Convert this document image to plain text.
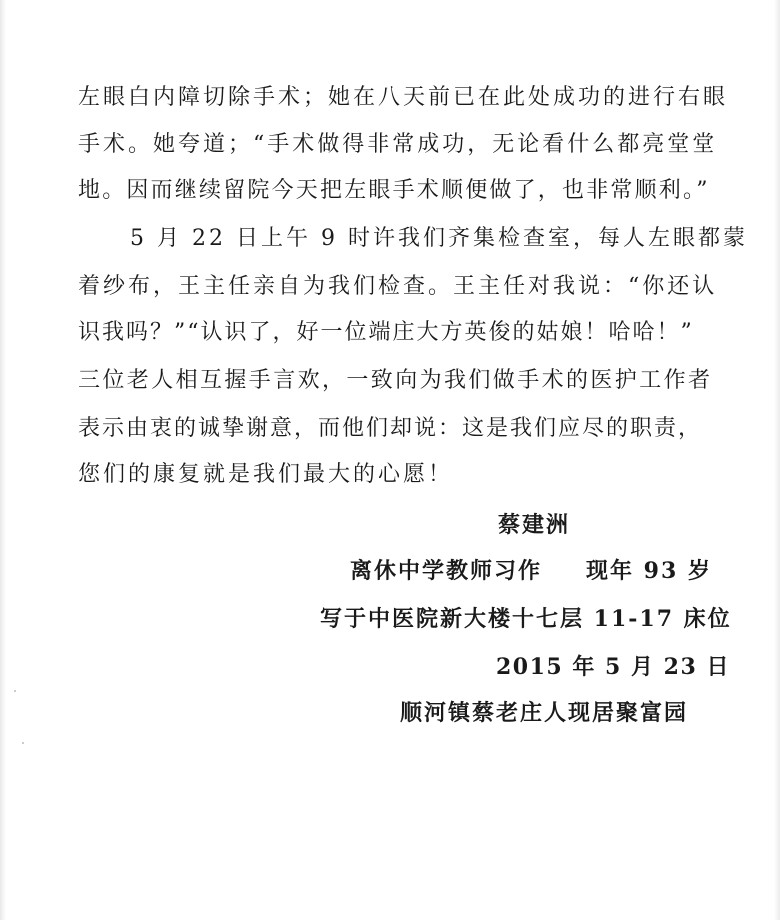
左眼白内障切除手术；她在八天前已在此处成功的进行右眼
手术。她夸道；“手术做得非常成功，无论看什么都亮堂堂
地。因而继续留院今天把左眼手术顺便做了，也非常顺利。”
5 月 22 日上午 9 时许我们齐集检查室，每人左眼都蒙
着纱布，王主任亲自为我们检查。王主任对我说：“你还认
识我吗？”“认识了，好一位端庄大方英俊的姑娘！哈哈！”
三位老人相互握手言欢，一致向为我们做手术的医护工作者
表示由衷的诚挚谢意，而他们却说：这是我们应尽的职责，
您们的康复就是我们最大的心愿！
蔡建洲
离休中学教师习作 现年 93 岁
写于中医院新大楼十七层 11-17 床位
2015 年 5 月 23 日
顺河镇蔡老庄人现居聚富园
